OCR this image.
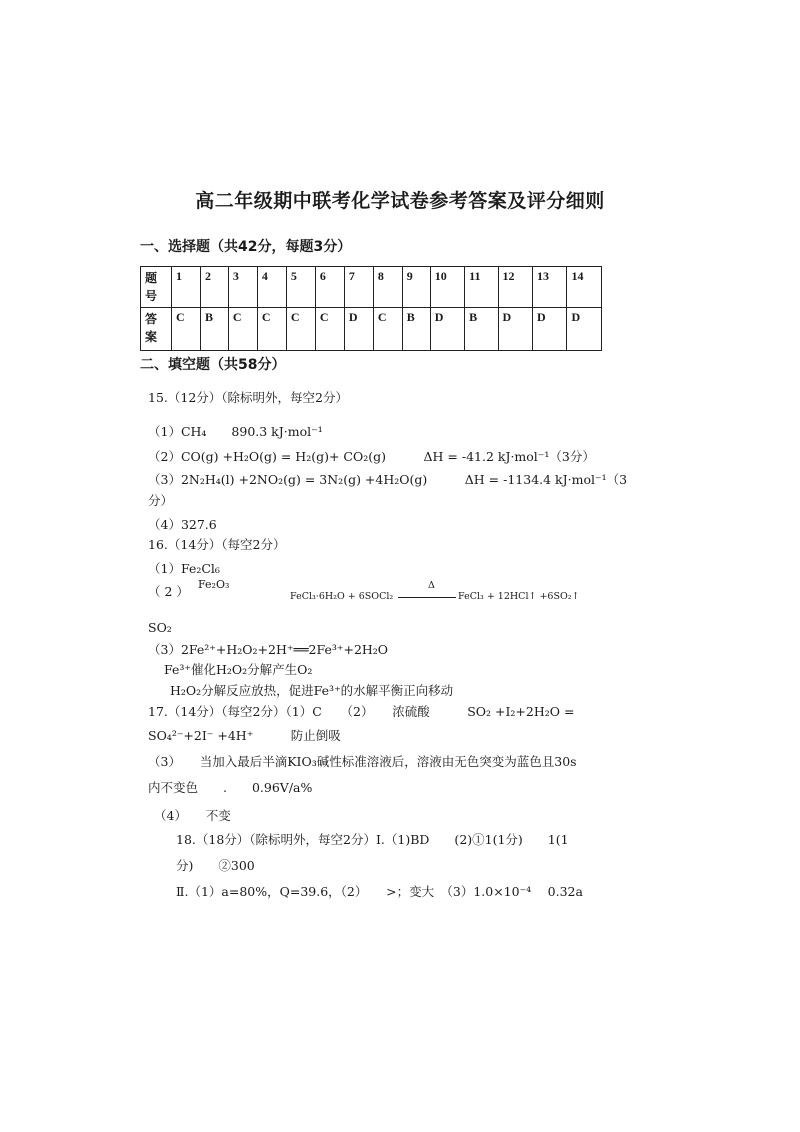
高二年级期中联考化学试卷参考答案及评分细则
一、选择题（共42分，每题3分）
题号	1	2	3	4	5	6	7	8	9	10	11	12	13	14
答案	C	B	C	C	C	C	D	C	B	D	B	D	D	D
二、填空题（共58分）
15.（12分）（除标明外，每空2分）
（1）CH₄　　890.3 kJ·mol⁻¹
（2）CO(g) +H₂O(g) = H₂(g)+ CO₂(g)　　　ΔH = -41.2 kJ·mol⁻¹（3分）
（3）2N₂H₄(l) +2NO₂(g) = 3N₂(g) +4H₂O(g)　　　ΔH = -1134.4 kJ·mol⁻¹（3
分）
（4）327.6
16.（14分）（每空2分）
（1）Fe₂Cl₆
（ 2 ） Fe₂O₃
FeCl₃·6H₂O + 6SOCl₂
Δ
FeCl₃ + 12HCl↑ +6SO₂↑
SO₂
（3）2Fe²⁺+H₂O₂+2H⁺══2Fe³⁺+2H₂O
Fe³⁺催化H₂O₂分解产生O₂
H₂O₂分解反应放热，促进Fe³⁺的水解平衡正向移动
17.（14分）（每空2分）（1）C　　（2）　　浓硫酸　　　SO₂ +I₂+2H₂O =
SO₄²⁻+2I⁻ +4H⁺　　　防止倒吸
（3）　　当加入最后半滴KIO₃碱性标准溶液后，溶液由无色突变为蓝色且30s
内不变色　　.　　0.96V/a%
（4）　　不变
18.（18分）（除标明外，每空2分）Ⅰ.（1)BD　　(2)①1(1分)　　1(1
分)　　②300
Ⅱ.（1）a=80%，Q=39.6，（2）　　>；变大　（3）1.0×10⁻⁴　 0.32a
